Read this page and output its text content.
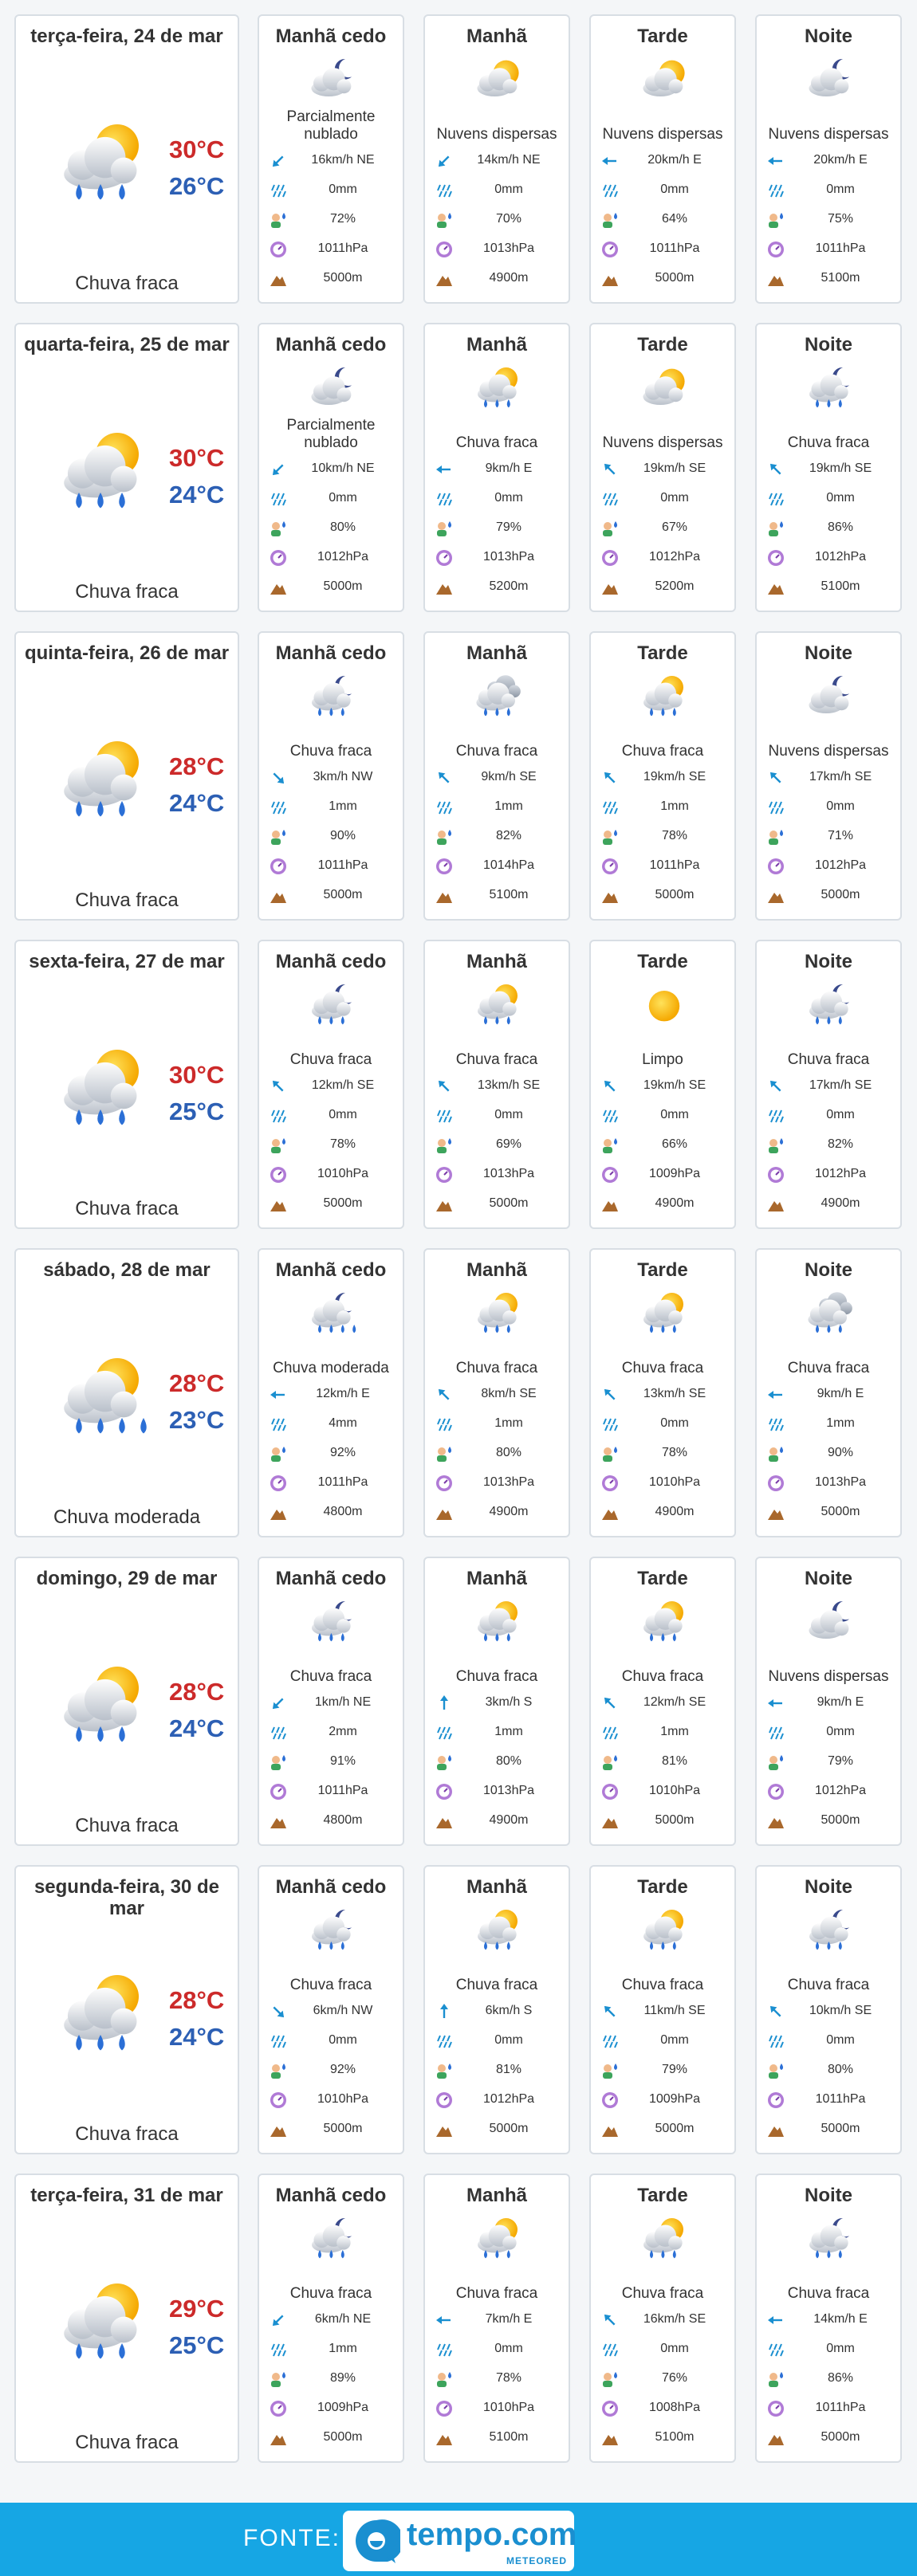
terça-feira, 24 de mar
30°C
26°C
Chuva fraca
Manhã cedo
Parcialmente nublado
16km/h NE
0mm
72%
1011hPa
5000m
Manhã
Nuvens dispersas
14km/h NE
0mm
70%
1013hPa
4900m
Tarde
Nuvens dispersas
20km/h E
0mm
64%
1011hPa
5000m
Noite
Nuvens dispersas
20km/h E
0mm
75%
1011hPa
5100m
quarta-feira, 25 de mar
30°C
24°C
Chuva fraca
Manhã cedo
Parcialmente nublado
10km/h NE
0mm
80%
1012hPa
5000m
Manhã
Chuva fraca
9km/h E
0mm
79%
1013hPa
5200m
Tarde
Nuvens dispersas
19km/h SE
0mm
67%
1012hPa
5200m
Noite
Chuva fraca
19km/h SE
0mm
86%
1012hPa
5100m
quinta-feira, 26 de mar
28°C
24°C
Chuva fraca
Manhã cedo
Chuva fraca
3km/h NW
1mm
90%
1011hPa
5000m
Manhã
Chuva fraca
9km/h SE
1mm
82%
1014hPa
5100m
Tarde
Chuva fraca
19km/h SE
1mm
78%
1011hPa
5000m
Noite
Nuvens dispersas
17km/h SE
0mm
71%
1012hPa
5000m
sexta-feira, 27 de mar
30°C
25°C
Chuva fraca
Manhã cedo
Chuva fraca
12km/h SE
0mm
78%
1010hPa
5000m
Manhã
Chuva fraca
13km/h SE
0mm
69%
1013hPa
5000m
Tarde
Limpo
19km/h SE
0mm
66%
1009hPa
4900m
Noite
Chuva fraca
17km/h SE
0mm
82%
1012hPa
4900m
sábado, 28 de mar
28°C
23°C
Chuva moderada
Manhã cedo
Chuva moderada
12km/h E
4mm
92%
1011hPa
4800m
Manhã
Chuva fraca
8km/h SE
1mm
80%
1013hPa
4900m
Tarde
Chuva fraca
13km/h SE
0mm
78%
1010hPa
4900m
Noite
Chuva fraca
9km/h E
1mm
90%
1013hPa
5000m
domingo, 29 de mar
28°C
24°C
Chuva fraca
Manhã cedo
Chuva fraca
1km/h NE
2mm
91%
1011hPa
4800m
Manhã
Chuva fraca
3km/h S
1mm
80%
1013hPa
4900m
Tarde
Chuva fraca
12km/h SE
1mm
81%
1010hPa
5000m
Noite
Nuvens dispersas
9km/h E
0mm
79%
1012hPa
5000m
segunda-feira, 30 de mar
28°C
24°C
Chuva fraca
Manhã cedo
Chuva fraca
6km/h NW
0mm
92%
1010hPa
5000m
Manhã
Chuva fraca
6km/h S
0mm
81%
1012hPa
5000m
Tarde
Chuva fraca
11km/h SE
0mm
79%
1009hPa
5000m
Noite
Chuva fraca
10km/h SE
0mm
80%
1011hPa
5000m
terça-feira, 31 de mar
29°C
25°C
Chuva fraca
Manhã cedo
Chuva fraca
6km/h NE
1mm
89%
1009hPa
5000m
Manhã
Chuva fraca
7km/h E
0mm
78%
1010hPa
5100m
Tarde
Chuva fraca
16km/h SE
0mm
76%
1008hPa
5100m
Noite
Chuva fraca
14km/h E
0mm
86%
1011hPa
5000m
FONTE: tempo.com
METEORED
